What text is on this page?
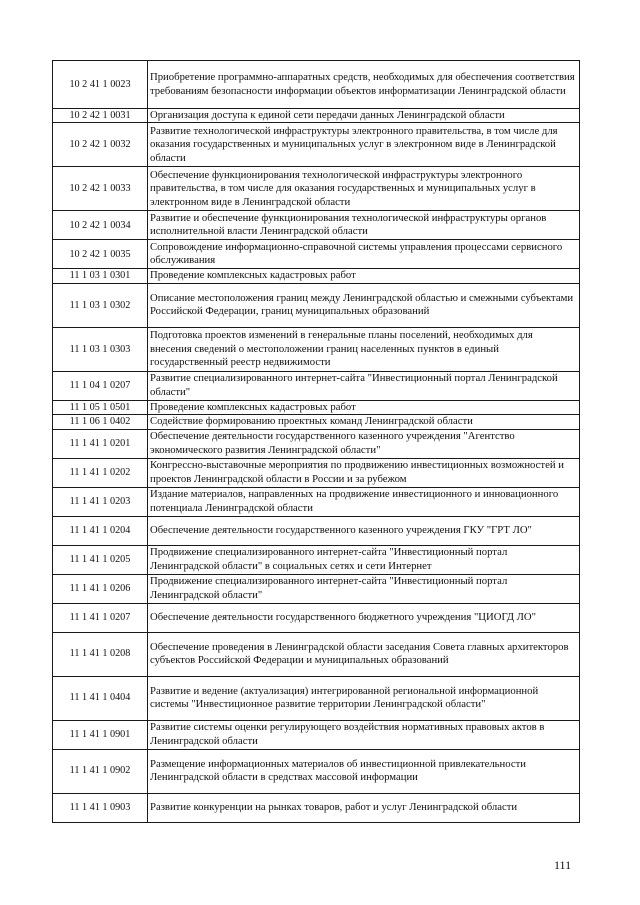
10 2 41 1 0023	Приобретение программно-аппаратных средств, необходимых для обеспечения соответствия требованиям безопасности информации объектов информатизации Ленинградской области
10 2 42 1 0031	Организация доступа к единой сети передачи данных Ленинградской области
10 2 42 1 0032	Развитие технологической инфраструктуры электронного правительства, в том числе для оказания государственных и муниципальных услуг в электронном виде в Ленинградской области
10 2 42 1 0033	Обеспечение функционирования технологической инфраструктуры электронного правительства, в том числе для оказания государственных и муниципальных услуг в электронном виде в Ленинградской области
10 2 42 1 0034	Развитие и обеспечение функционирования технологической инфраструктуры органов исполнительной власти Ленинградской области
10 2 42 1 0035	Сопровождение информационно-справочной системы управления процессами сервисного обслуживания
11 1 03 1 0301	Проведение комплексных кадастровых работ
11 1 03 1 0302	Описание местоположения границ между Ленинградской областью и смежными субъектами Российской Федерации, границ муниципальных образований
11 1 03 1 0303	Подготовка проектов изменений в генеральные планы поселений, необходимых для внесения сведений о местоположении границ населенных пунктов в единый государственный реестр недвижимости
11 1 04 1 0207	Развитие специализированного интернет-сайта "Инвестиционный портал Ленинградской области"
11 1 05 1 0501	Проведение комплексных кадастровых работ
11 1 06 1 0402	Содействие формированию проектных команд Ленинградской области
11 1 41 1 0201	Обеспечение деятельности государственного казенного учреждения "Агентство экономического развития Ленинградской области"
11 1 41 1 0202	Конгрессно-выставочные мероприятия по продвижению инвестиционных возможностей и проектов Ленинградской области в России и за рубежом
11 1 41 1 0203	Издание материалов, направленных на продвижение инвестиционного и инновационного потенциала Ленинградской области
11 1 41 1 0204	Обеспечение деятельности государственного казенного учреждения ГКУ "ГРТ ЛО"
11 1 41 1 0205	Продвижение специализированного интернет-сайта "Инвестиционный портал Ленинградской области" в социальных сетях и сети Интернет
11 1 41 1 0206	Продвижение специализированного интернет-сайта "Инвестиционный портал Ленинградской области"
11 1 41 1 0207	Обеспечение деятельности государственного бюджетного учреждения "ЦИОГД ЛО"
11 1 41 1 0208	Обеспечение проведения в Ленинградской области заседания Совета главных архитекторов субъектов Российской Федерации и муниципальных образований
11 1 41 1 0404	Развитие и ведение (актуализация) интегрированной региональной информационной системы "Инвестиционное развитие территории Ленинградской области"
11 1 41 1 0901	Развитие системы оценки регулирующего воздействия нормативных правовых актов в Ленинградской области
11 1 41 1 0902	Размещение информационных материалов об инвестиционной привлекательности Ленинградской области в средствах массовой информации
11 1 41 1 0903	Развитие конкуренции на рынках товаров, работ и услуг Ленинградской области
111
